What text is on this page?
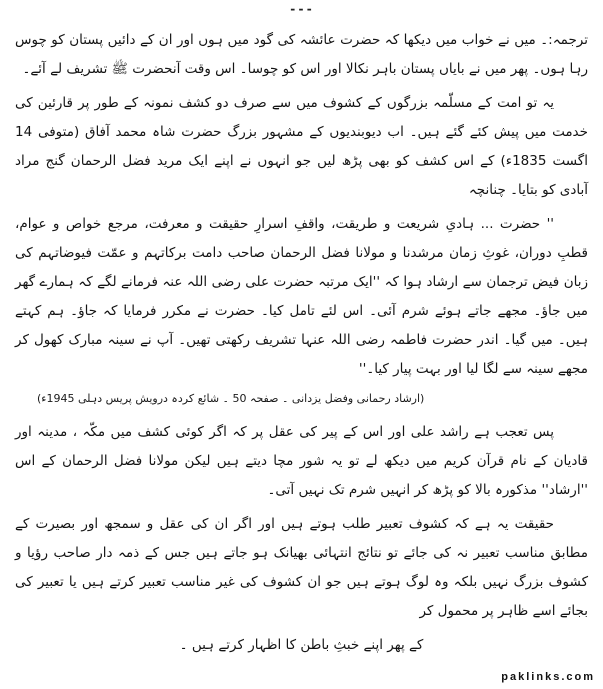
---

ترجمہ:۔ میں نے خواب میں دیکھا کہ حضرت عائشہ کی گود میں ہوں اور ان کے دائیں پستان کو چوس رہا ہوں۔ پھر میں نے بایاں پستان باہر نکالا اور اس کو چوسا۔ اس وقت آنحضرت ﷺ تشریف لے آئے۔

یہ تو امت کے مسلّمہ بزرگوں کے کشوف میں سے صرف دو کشف نمونہ کے طور پر قارئین کی خدمت میں پیش کئے گئے ہیں۔ اب دیوبندیوں کے مشہور بزرگ حضرت شاہ محمد آفاق (متوفی 14 اگست 1835ء) کے اس کشف کو بھی پڑھ لیں جو انہوں نے اپنے ایک مرید فضل الرحمان گنج مراد آبادی کو بتایا۔ چنانچہ

'' حضرت ... ہادیِ شریعت و طریقت، واقفِ اسرارِ حقیقت و معرفت، مرجع خواص و عوام، قطبِ دوران، غوثِ زمان مرشدنا و مولانا فضل الرحمان صاحب دامت برکاتہم و عمّت فیوضاتہم کی زبان فیض ترجمان سے ارشاد ہوا کہ ''ایک مرتبہ حضرت علی رضی اللہ عنہ فرمانے لگے کہ ہمارے گھر میں جاؤ۔ مجھے جاتے ہوئے شرم آئی۔ اس لئے تامل کیا۔ حضرت نے مکرر فرمایا کہ جاؤ۔ ہم کہتے ہیں۔ میں گیا۔ اندر حضرت فاطمہ رضی اللہ عنہا تشریف رکھتی تھیں۔ آپ نے سینہ مبارک کھول کر مجھے سینہ سے لگا لیا اور بہت پیار کیا۔''

(ارشاد رحمانی وفضل یزدانی ۔ صفحہ 50 ۔ شائع کردہ درویش پریس دہلی 1945ء)

پس تعجب ہے راشد علی اور اس کے پیر کی عقل پر کہ اگر کوئی کشف میں مکّہ ، مدینہ اور قادیان کے نام قرآن کریم میں دیکھ لے تو یہ شور مچا دیتے ہیں لیکن مولانا فضل الرحمان کے اس ''ارشاد'' مذکورہ بالا کو پڑھ کر انہیں شرم تک نہیں آتی۔

حقیقت یہ ہے کہ کشوف تعبیر طلب ہوتے ہیں اور اگر ان کی عقل و سمجھ اور بصیرت کے مطابق مناسب تعبیر نہ کی جائے تو نتائج انتہائی بھیانک ہو جاتے ہیں جس کے ذمہ دار صاحب رؤیا و کشوف بزرگ نہیں بلکہ وہ لوگ ہوتے ہیں جو ان کشوف کی غیر مناسب تعبیر کرتے ہیں یا تعبیر کی بجائے اسے ظاہر پر محمول کر

کے پھر اپنے خبثِ باطن کا اظہار کرتے ہیں ۔

paklinks.com
